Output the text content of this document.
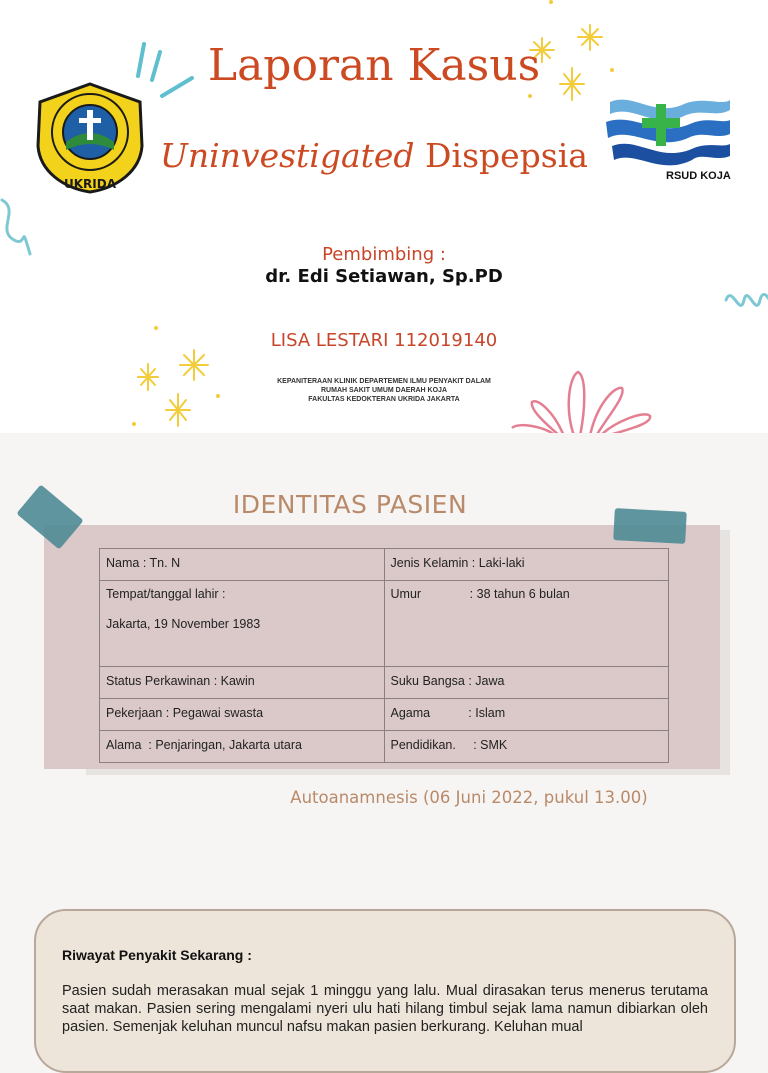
UKRIDA
RSUD KOJA
Laporan Kasus
Uninvestigated Dispepsia
Pembimbing :
dr. Edi Setiawan, Sp.PD
LISA LESTARI 112019140
KEPANITERAAN KLINIK DEPARTEMEN ILMU PENYAKIT DALAM
RUMAH SAKIT UMUM DAERAH KOJA
FAKULTAS KEDOKTERAN UKRIDA JAKARTA
IDENTITAS PASIEN
Nama : Tn. N	Jenis Kelamin : Laki-laki

Tempat/tanggal lahir :
Jakarta, 19 November 1983	Umur              : 38 tahun 6 bulan
Status Perkawinan : Kawin	Suku Bangsa : Jawa
Pekerjaan : Pegawai swasta	Agama           : Islam
Alama  : Penjaringan, Jakarta utara	Pendidikan.     : SMK
Autoanamnesis (06 Juni 2022, pukul 13.00)
Riwayat Penyakit Sekarang :
Pasien sudah merasakan mual sejak 1 minggu yang lalu. Mual dirasakan terus menerus terutama saat makan. Pasien sering mengalami nyeri ulu hati hilang timbul sejak lama namun dibiarkan oleh pasien. Semenjak keluhan muncul nafsu makan pasien berkurang. Keluhan mual
